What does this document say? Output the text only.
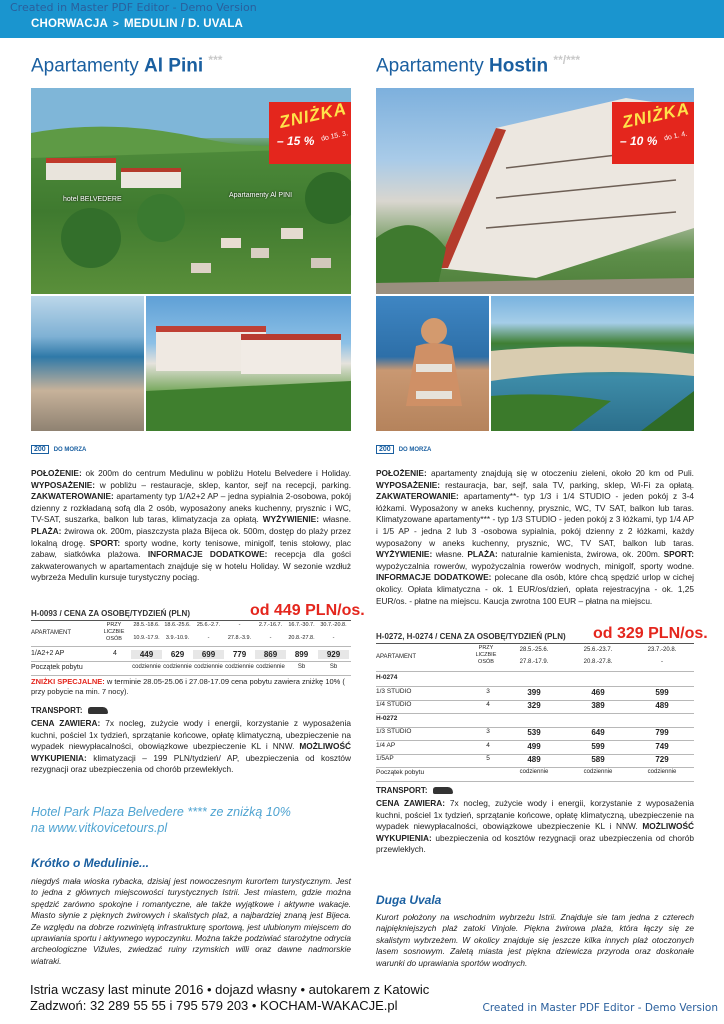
Created in Master PDF Editor - Demo Version
CHORWACJA > MEDULIN / D. UVALA
Apartamenty Al Pini ***	Apartamenty Hostin **/***
ZNIŻKA
– 15 % do 15. 3.
hotel BELVEDERE
Apartamenty Al PINI
ZNIŻKA
– 10 % do 1. 4.
200 DO MORZA	200 DO MORZA
POŁOŻENIE: ok 200m do centrum Medulinu w pobliżu Hotelu Belvedere i Holiday. WYPOSAŻENIE: w pobliżu – restauracje, sklep, kantor, sejf na recepcji, parking. ZAKWATEROWANIE: apartamenty typ 1/A2+2 AP – jedna sypialnia 2-osobowa, pokój dzienny z rozkładaną sofą dla 2 osób, wyposażony aneks kuchenny, prysznic i WC, TV-SAT, suszarka, balkon lub taras, klimatyzacja za opłatą. WYŻYWIENIE: własne. PLAŻA: żwirowa ok. 200m, piaszczysta plaża Bijeca ok. 500m, dostęp do plaży przez lokalną drogę. SPORT: sporty wodne, korty tenisowe, minigolf, tenis stołowy, plac zabaw, siatkówka plażowa. INFORMACJE DODATKOWE: recepcja dla gości zakwaterowanych w apartamentach znajduje się w hotelu Holiday. W sezonie wzdłuż wybrzeża Medulin kursuje turystyczny pociąg.
H-0093 / CENA ZA OSOBĘ/TYDZIEŃ (PLN)	od 449 PLN/os.
APARTAMENT
PRZY LICZBIE OSÓB
28.5.-18.6. 18.6.-25.6.	25.6.-2.7.	-	2.7.-16.7.	16.7.-30.7.	30.7.-20.8.
10.9.-17.9.	3.9.-10.9.	-	27.8.-3.9.	-	20.8.-27.8.	-
1/A2+2 AP	4	449	629	699	779	869	899	929
Początek pobytu	codziennie codziennie codziennie codziennie codziennie	Sb	Sb
ZNIŻKI SPECJALNE: w terminie 28.05-25.06 i 27.08-17.09 cena pobytu zawiera zniżkę 10% ( przy pobycie na min. 7 nocy).
TRANSPORT:
CENA ZAWIERA: 7x nocleg, zużycie wody i energii, korzystanie z wyposażenia kuchni, pościel 1x tydzień, sprzątanie końcowe, opłatę klimatyczną, ubezpieczenie na wypadek niewypłacalności, obowiązkowe ubezpieczenie KL i NNW. MOŻLIWOŚĆ WYKUPIENIA: klimatyzacji – 199 PLN/tydzień/ AP, ubezpieczenia od kosztów rezygnacji oraz ubezpieczenia od chorób przewlekłych.
Hotel Park Plaza Belvedere **** ze zniżką 10%
na www.vitkovicetours.pl
Krótko o Medulinie...
niegdyś mała wioska rybacka, dzisiaj jest nowoczesnym kurortem turystycznym. Jest to jedna z głównych miejscowości turystycznych Istrii. Jest miastem, gdzie można spędzić zarówno spokojne i romantyczne, ale także wyjątkowe i aktywne wakacje. Miasto słynie z pięknych żwirowych i skalistych plaż, a najbardziej znaną jest Bijeca. Ze względu na dobrze rozwiniętą infrastrukturę sportową, jest ulubionym miejscem do uprawiania sportu i aktywnego wypoczynku. Można także podziwiać starożytne odrycia archeologiczne Vižules, zwiedzać ruiny rzymskich willi oraz dawne nadmorskie wiatraki.
POŁOŻENIE: apartamenty znajdują się w otoczeniu zieleni, około 20 km od Puli. WYPOSAŻENIE: restauracja, bar, sejf, sala TV, parking, sklep, Wi-Fi za opłatą. ZAKWATEROWANIE: apartamenty**- typ 1/3 i 1/4 STUDIO - jeden pokój z 3-4 łóżkami. Wyposażony w aneks kuchenny, prysznic, WC, TV SAT, balkon lub taras. Klimatyzowane apartamenty*** - typ 1/3 STUDIO - jeden pokój z 3 łóżkami, typ 1/4 AP i 1/5 AP - jedna 2 lub 3 -osobowa sypialnia, pokój dzienny z 2 łóżkami, każdy wyposażony w aneks kuchenny, prysznic, WC, TV SAT, balkon lub taras. WYŻYWIENIE: własne. PLAŻA: naturalnie kamienista, żwirowa, ok. 200m. SPORT: wypożyczalnia rowerów, wypożyczalnia rowerów wodnych, minigolf, sporty wodne. INFORMACJE DODATKOWE: polecane dla osób, które chcą spędzić urlop w cichej okolicy. Opłata klimatyczna - ok. 1 EUR/os/dzień, opłata rejestracyjna - ok. 1,25 EUR/os. - płatne na miejscu. Kaucja zwrotna 100 EUR – płatna na miejscu.
H-0272, H-0274 / CENA ZA OSOBĘ/TYDZIEŃ (PLN) od 329 PLN/os.
APARTAMENT
PRZY LICZBIE OSÓB
28.5.-25.6.	25.6.-23.7.	23.7.-20.8.
27.8.-17.9.	20.8.-27.8.	-
H-0274
1/3 STUDIO	3	399	469	599
1/4 STUDIO	4	329	389	489
H-0272
1/3 STUDIO	3	539	649	799
1/4 AP	4	499	599	749
1/5AP	5	489	589	729
Początek pobytu	codziennie	codziennie	codziennie
TRANSPORT:
CENA ZAWIERA: 7x nocleg, zużycie wody i energii, korzystanie z wyposażenia kuchni, pościel 1x tydzień, sprzątanie końcowe, opłatę klimatyczną, ubezpieczenie na wypadek niewypłacalności, obowiązkowe ubezpieczenie KL i NNW. MOŻLIWOŚĆ WYKUPIENIA: ubezpieczenia od kosztów rezygnacji oraz ubezpieczenia od chorób przewlekłych.
Duga Uvala
Kurort położony na wschodnim wybrzeżu Istrii. Znajduje sie tam jedna z czterech najpiękniejszych plaż zatoki Vinjole. Piękna żwirowa plaża, która łączy się ze skalistym wybrzeżem. W okolicy znajduje się jeszcze kilka innych plaż otoczonych lasem sosnowym. Zaletą miasta jest piękna dziewicza przyroda oraz doskonałe warunki do uprawiania sportów wodnych.
Istria wczasy last minute 2016 • dojazd własny • autokarem z Katowic
Zadzwoń: 32 289 55 55 i 795 579 203 • KOCHAM-WAKACJE.pl	Created in Master PDF Editor - Demo Version
